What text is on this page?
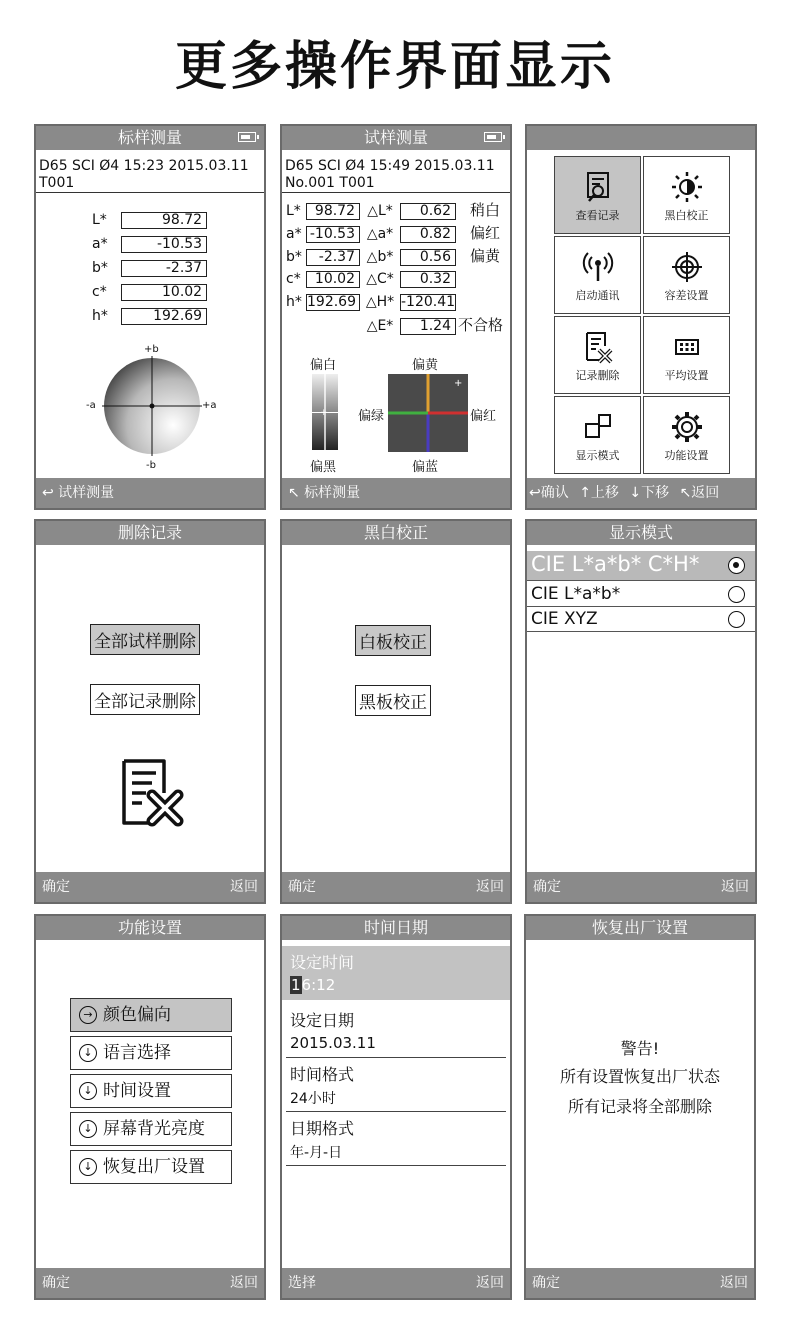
更多操作界面显示
标样测量
D65 SCI Ø4 15:23 2015.03.11
T001
L*	98.72
a*	-10.53
b*	-2.37
c*	10.02
h*	192.69
+b
-b
-a	+a
↩ 试样测量
试样测量
D65 SCI Ø4 15:49 2015.03.11
No.001 T001
L* 98.72 △L* 0.62 稍白
a* -10.53 △a* 0.82 偏红
b* -2.37 △b* 0.56 偏黄
c* 10.02 △C* 0.32
h* 192.69 △H* -120.41
△E* 1.24 不合格
偏白
+
偏黑
偏黄
偏绿	偏红
偏蓝
+
↖ 标样测量
查看记录	黑白校正
启动通讯	容差设置
记录删除	平均设置
显示模式	功能设置
↩确认 ↑上移 ↓下移 ↖返回
删除记录
全部试样删除
全部记录删除
确定	返回
黑白校正
白板校正
黑板校正
确定	返回
显示模式
CIE L*a*b* C*H*
CIE L*a*b*
CIE XYZ
确定	返回
功能设置
→ 颜色偏向
↓ 语言选择
↓ 时间设置
↓ 屏幕背光亮度
↓ 恢复出厂设置
确定	返回
时间日期
设定时间
16:12
设定日期
2015.03.11
时间格式
24小时
日期格式
年-月-日
选择	返回
恢复出厂设置
警告!
所有设置恢复出厂状态
所有记录将全部删除
确定	返回
